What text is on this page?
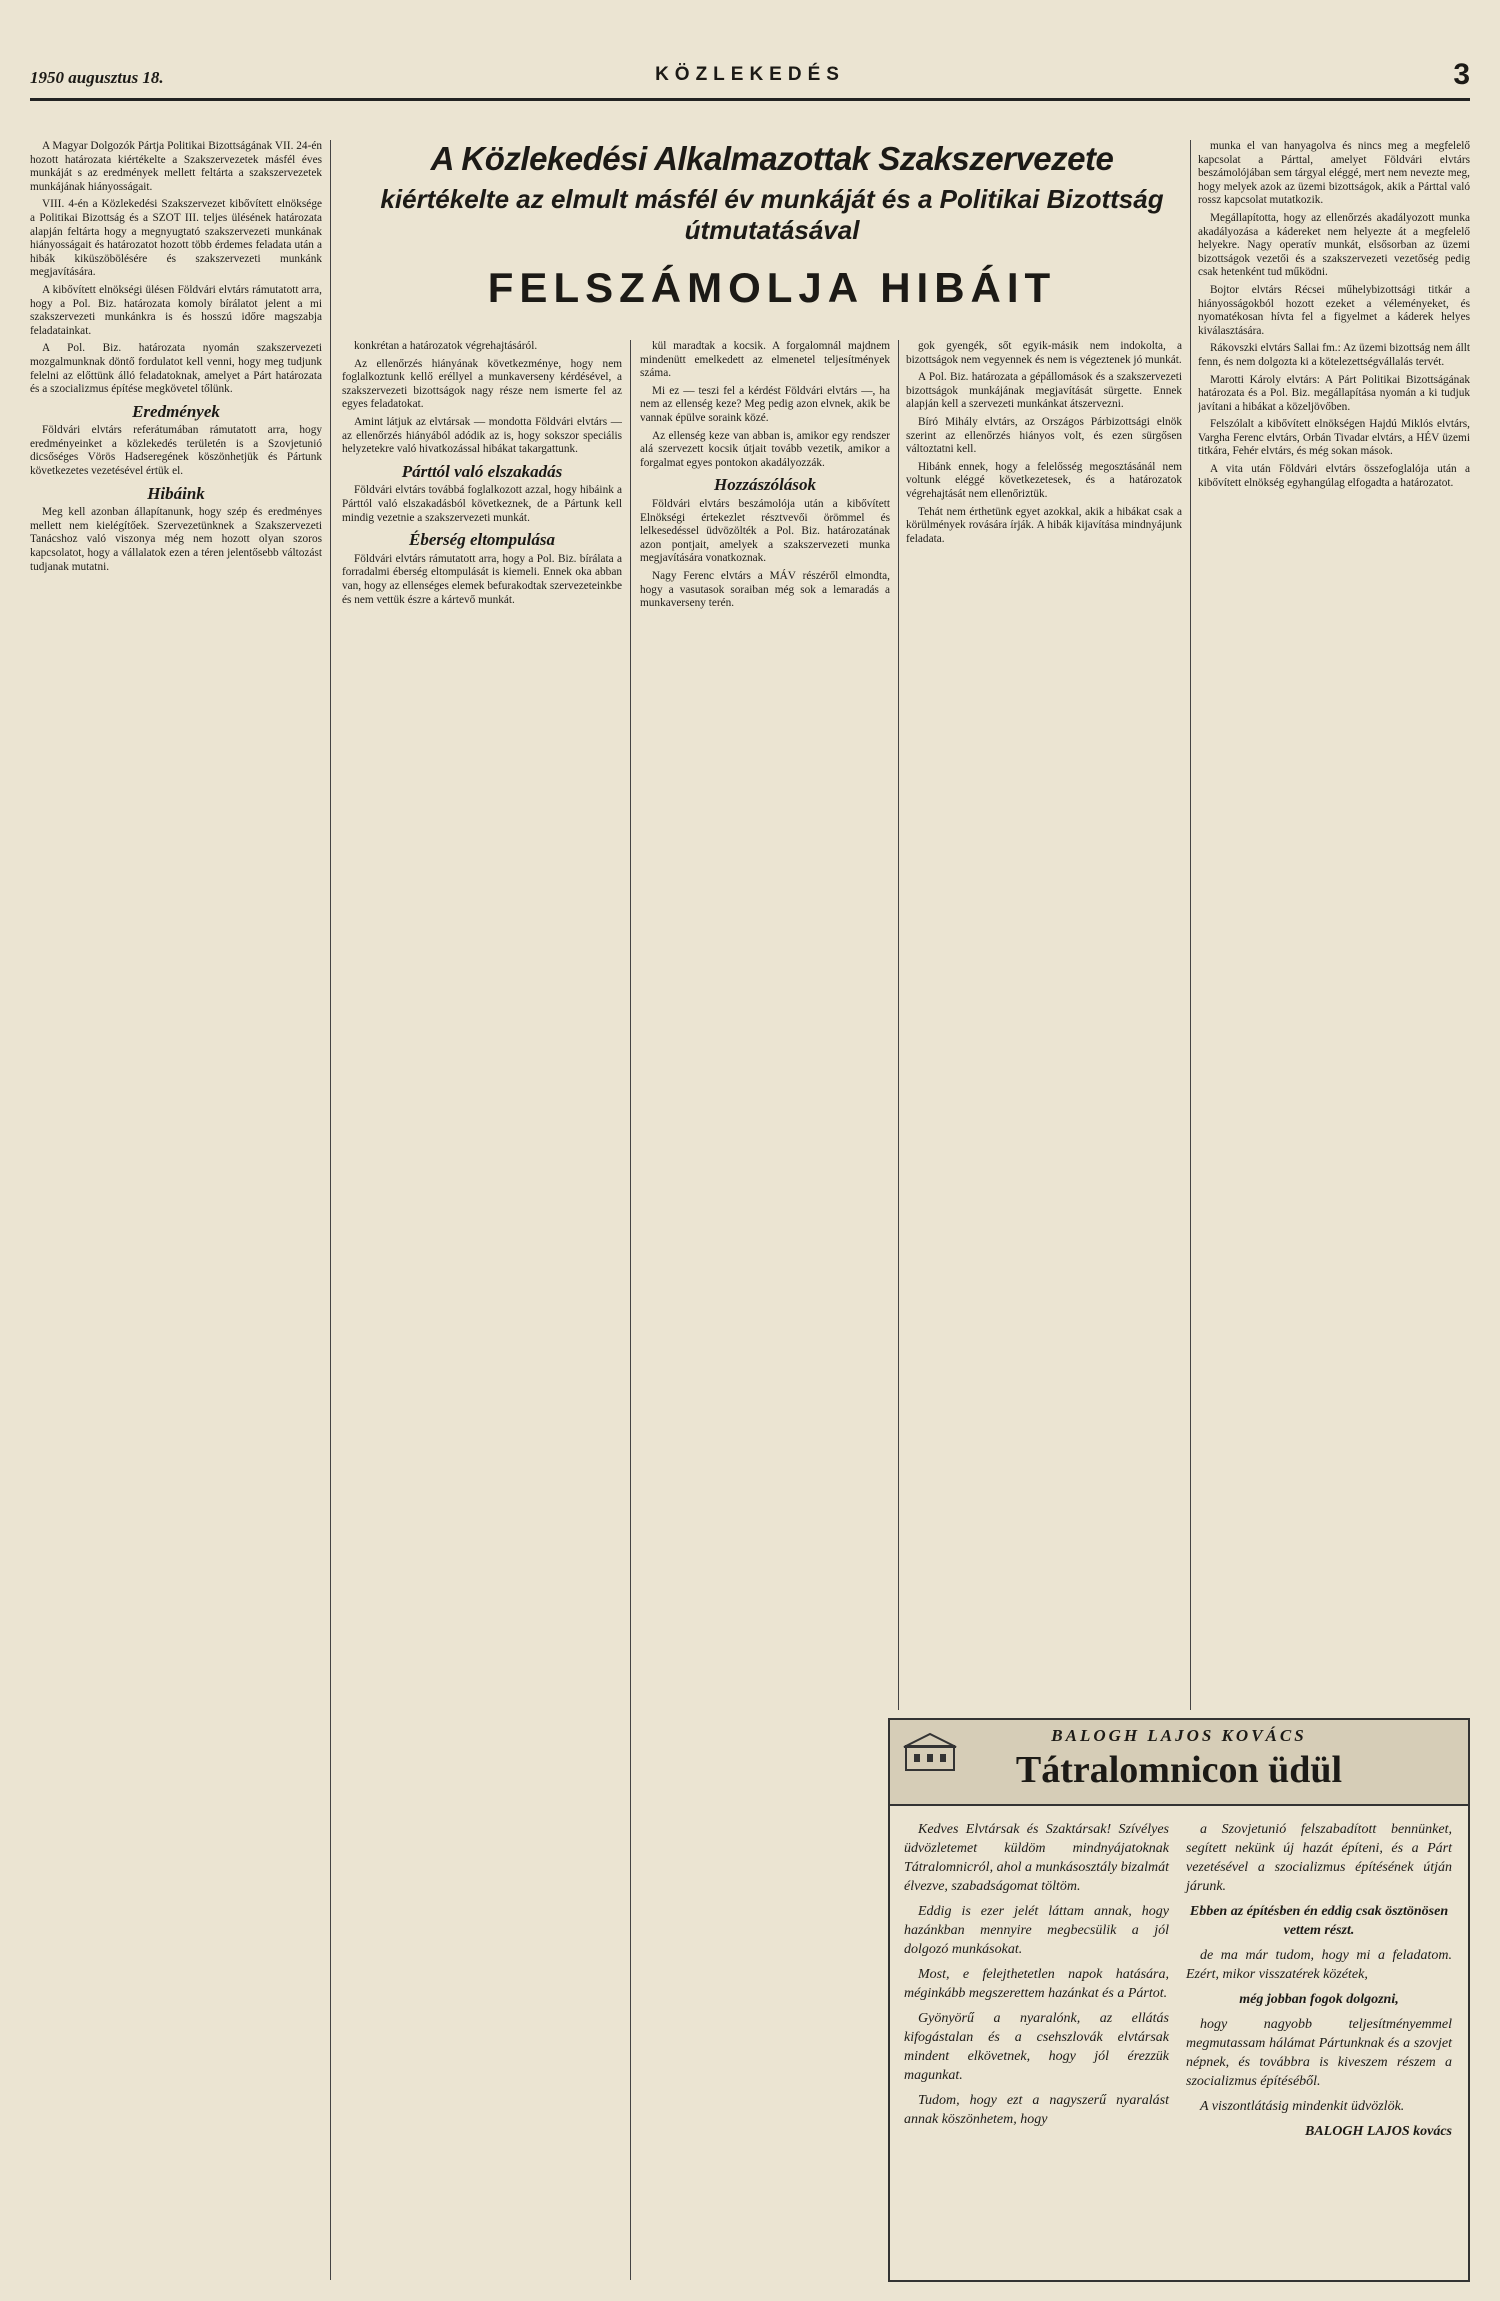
1950 augusztus 18.	KÖZLEKEDÉS	3
A Közlekedési Alkalmazottak Szakszervezete
kiértékelte az elmult másfél év munkáját és a Politikai Bizottság útmutatásával
FELSZÁMOLJA HIBÁIT

A Magyar Dolgozók Pártja Politikai Bizottságának VII. 24-én hozott határozata kiértékelte a Szakszervezetek másfél éves munkáját s az eredmények mellett feltárta a szakszervezetek munkájának hiányosságait.

VIII. 4-én a Közlekedési Szakszervezet kibővített elnöksége a Politikai Bizottság és a SZOT III. teljes ülésének határozata alapján feltárta hogy a megnyugtató szakszervezeti munkának hiányosságait és határozatot hozott több érdemes feladata után a hibák kiküszöbölésére és szakszervezeti munkánk megjavítására.

A kibővített elnökségi ülésen Földvári elvtárs rámutatott arra, hogy a Pol. Biz. határozata komoly bírálatot jelent a mi szakszervezeti munkánkra is és hosszú időre magszabja feladatainkat.

A Pol. Biz. határozata nyomán szakszervezeti mozgalmunknak döntő fordulatot kell venni, hogy meg tudjunk felelni az előttünk álló feladatoknak, amelyet a Párt határozata és a szocializmus építése megkövetel tőlünk.

Eredmények

Földvári elvtárs referátumában rámutatott arra, hogy eredményeinket a közlekedés területén is a Szovjetunió dicsőséges Vörös Hadseregének köszönhetjük és Pártunk következetes vezetésével értük el.

Hibáink

Meg kell azonban állapítanunk, hogy szép és eredményes mellett nem kielégítőek. Szervezetünknek a Szakszervezeti Tanácshoz való viszonya még nem hozott olyan szoros kapcsolatot, hogy a vállalatok ezen a téren jelentősebb változást tudjanak mutatni.

konkrétan a határozatok végrehajtásáról.

Az ellenőrzés hiányának következménye, hogy nem foglalkoztunk kellő eréllyel a munkaverseny kérdésével, a szakszervezeti bizottságok nagy része nem ismerte fel az egyes feladatokat.

Amint látjuk az elvtársak — mondotta Földvári elvtárs — az ellenőrzés hiányából adódik az is, hogy sokszor speciális helyzetekre való hivatkozással hibákat takargattunk.

Párttól való elszakadás

Földvári elvtárs továbbá foglalkozott azzal, hogy hibáink a Párttól való elszakadásból következnek, de a Pártunk kell mindig vezetnie a szakszervezeti munkát.

Éberség eltompulása

Földvári elvtárs rámutatott arra, hogy a Pol. Biz. bírálata a forradalmi éberség eltompulását is kiemeli. Ennek oka abban van, hogy az ellenséges elemek befurakodtak szervezeteinkbe és nem vettük észre a kártevő munkát.

kül maradtak a kocsik. A forgalomnál majdnem mindenütt emelkedett az elmenetel teljesítmények száma.

Mi ez — teszi fel a kérdést Földvári elvtárs —, ha nem az ellenség keze? Meg pedig azon elvnek, akik be vannak épülve soraink közé.

Az ellenség keze van abban is, amikor egy rendszer alá szervezett kocsik útjait tovább vezetik, amikor a forgalmat egyes pontokon akadályozzák.

Hozzászólások

Földvári elvtárs beszámolója után a kibővített Elnökségi értekezlet résztvevői örömmel és lelkesedéssel üdvözölték a Pol. Biz. határozatának azon pontjait, amelyek a szakszervezeti munka megjavítására vonatkoznak.

Nagy Ferenc elvtárs a MÁV részéről elmondta, hogy a vasutasok soraiban még sok a lemaradás a munkaverseny terén.

gok gyengék, sőt egyik-másik nem indokolta, a bizottságok nem vegyennek és nem is végeztenek jó munkát.

A Pol. Biz. határozata a gépállomások és a szakszervezeti bizottságok munkájának megjavítását sürgette. Ennek alapján kell a szervezeti munkánkat átszervezni.

Bíró Mihály elvtárs, az Országos Párbizottsági elnök szerint az ellenőrzés hiányos volt, és ezen sürgősen változtatni kell.

Hibánk ennek, hogy a felelősség megosztásánál nem voltunk eléggé következetesek, és a határozatok végrehajtását nem ellenőriztük.

Tehát nem érthetünk egyet azokkal, akik a hibákat csak a körülmények rovására írják. A hibák kijavítása mindnyájunk feladata.

munka el van hanyagolva és nincs meg a megfelelő kapcsolat a Párttal, amelyet Földvári elvtárs beszámolójában sem tárgyal eléggé, mert nem nevezte meg, hogy melyek azok az üzemi bizottságok, akik a Párttal való rossz kapcsolat mutatkozik.

Megállapította, hogy az ellenőrzés akadályozott munka akadályozása a kádereket nem helyezte át a megfelelő helyekre. Nagy operatív munkát, elsősorban az üzemi bizottságok vezetői és a szakszervezeti vezetőség pedig csak hetenként tud működni.

Bojtor elvtárs Récsei műhelybizottsági titkár a hiányosságokból hozott ezeket a véleményeket, és nyomatékosan hívta fel a figyelmet a káderek helyes kiválasztására.

Rákovszki elvtárs Sallai fm.: Az üzemi bizottság nem állt fenn, és nem dolgozta ki a kötelezettségvállalás tervét.

Marotti Károly elvtárs: A Párt Politikai Bizottságának határozata és a Pol. Biz. megállapítása nyomán a ki tudjuk javítani a hibákat a közeljövőben.

Felszólalt a kibővített elnökségen Hajdú Miklós elvtárs, Vargha Ferenc elvtárs, Orbán Tivadar elvtárs, a HÉV üzemi titkára, Fehér elvtárs, és még sokan mások.

A vita után Földvári elvtárs összefoglalója után a kibővített elnökség egyhangúlag elfogadta a határozatot.

BALOGH LAJOS KOVÁCS
Tátralomnicon üdül

Kedves Elvtársak és Szaktársak! Szívélyes üdvözletemet küldöm mindnyájatoknak Tátralomnicról, ahol a munkásosztály bizalmát élvezve, szabadságomat töltöm.

Eddig is ezer jelét láttam annak, hogy hazánkban mennyire megbecsülik a jól dolgozó munkásokat.

Most, e felejthetetlen napok hatására, méginkább megszerettem hazánkat és a Pártot.

Gyönyörű a nyaralónk, az ellátás kifogástalan és a csehszlovák elvtársak mindent elkövetnek, hogy jól érezzük magunkat.

Tudom, hogy ezt a nagyszerű nyaralást annak köszönhetem, hogy

a Szovjetunió felszabadított bennünket, segített nekünk új hazát építeni, és a Párt vezetésével a szocializmus építésének útján járunk.

Ebben az építésben én eddig csak ösztönösen vettem részt.

de ma már tudom, hogy mi a feladatom. Ezért, mikor visszatérek közétek,

még jobban fogok dolgozni,

hogy nagyobb teljesítményemmel megmutassam hálámat Pártunknak és a szovjet népnek, és továbbra is kiveszem részem a szocializmus építéséből.

A viszontlátásig mindenkit üdvözlök.

BALOGH LAJOS kovács
